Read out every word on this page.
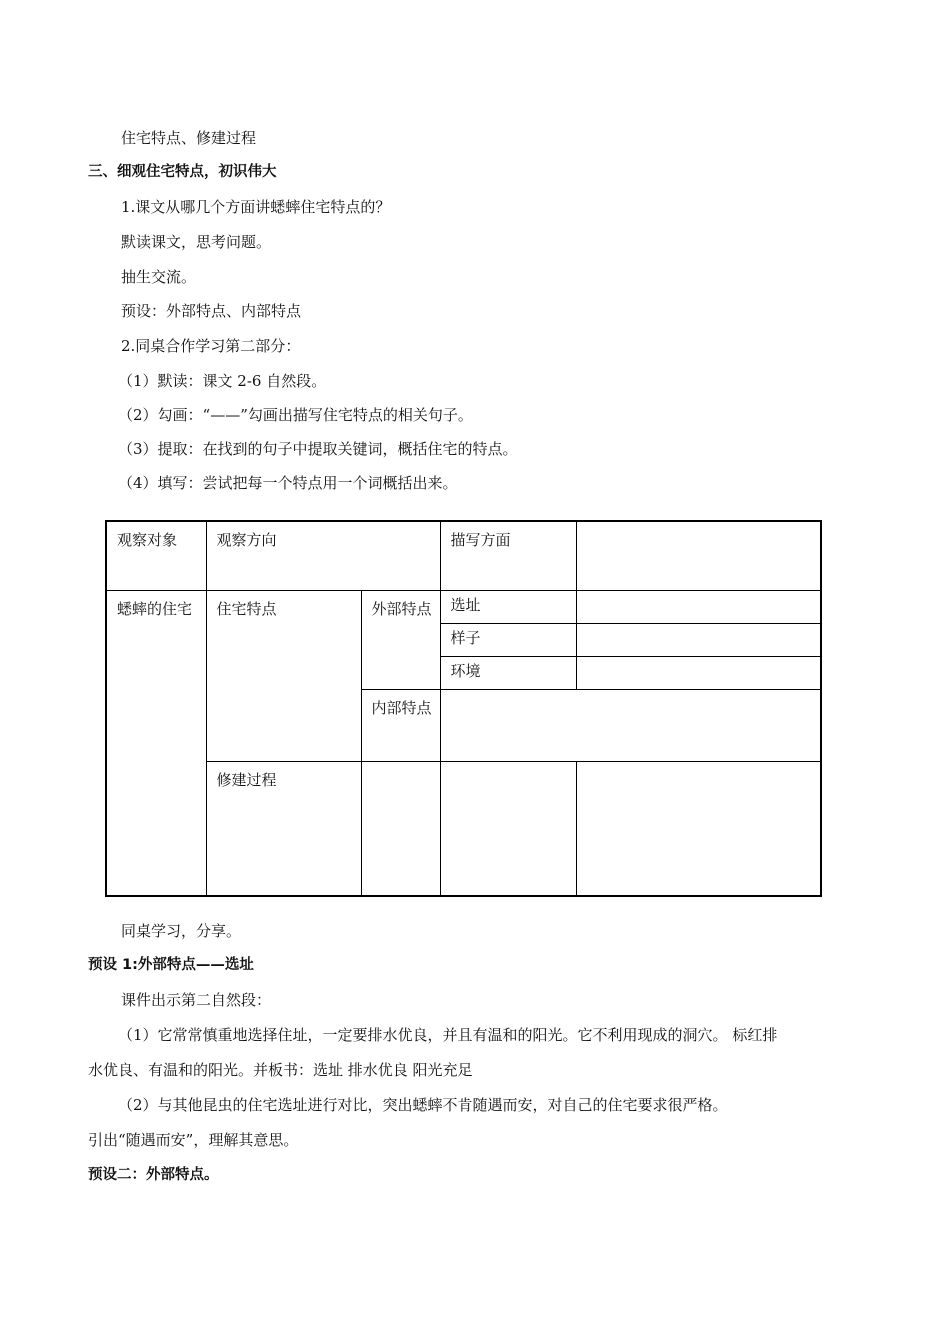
住宅特点、修建过程
三、细观住宅特点，初识伟大
1.课文从哪几个方面讲蟋蟀住宅特点的？
默读课文，思考问题。
抽生交流。
预设：外部特点、内部特点
2.同桌合作学习第二部分：
（1）默读：课文 2-6 自然段。
（2）勾画：“——”勾画出描写住宅特点的相关句子。
（3）提取：在找到的句子中提取关键词，概括住宅的特点。
（4）填写：尝试把每一个特点用一个词概括出来。
观察对象	观察方向		描写方面	
蟋蟀的住宅	住宅特点	外部特点	选址	
			样子	
			环境	
		内部特点		
	修建过程			
同桌学习，分享。
预设 1:外部特点——选址
课件出示第二自然段：
（1）它常常慎重地选择住址，一定要排水优良，并且有温和的阳光。它不利用现成的洞穴。 标红排
水优良、有温和的阳光。并板书：选址 排水优良 阳光充足
（2）与其他昆虫的住宅选址进行对比，突出蟋蟀不肯随遇而安，对自己的住宅要求很严格。
引出“随遇而安”，理解其意思。
预设二：外部特点。
